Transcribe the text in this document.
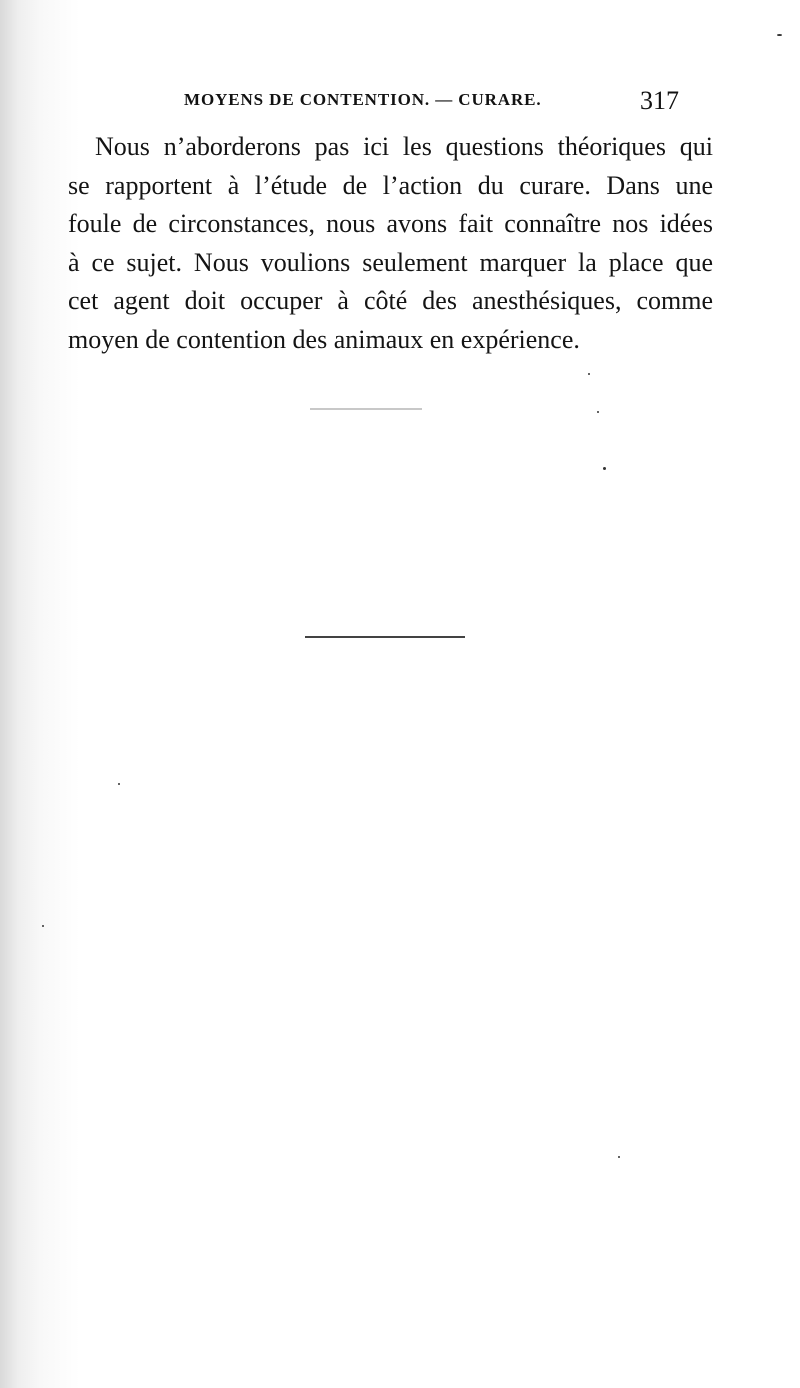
MOYENS DE CONTENTION. — CURARE.	317
Nous n’aborderons pas ici les questions théoriques qui
se rapportent à l’étude de l’action du curare. Dans une
foule de circonstances, nous avons fait connaître nos idées
à ce sujet. Nous voulions seulement marquer la place que
cet agent doit occuper à côté des anesthésiques, comme
moyen de contention des animaux en expérience.
